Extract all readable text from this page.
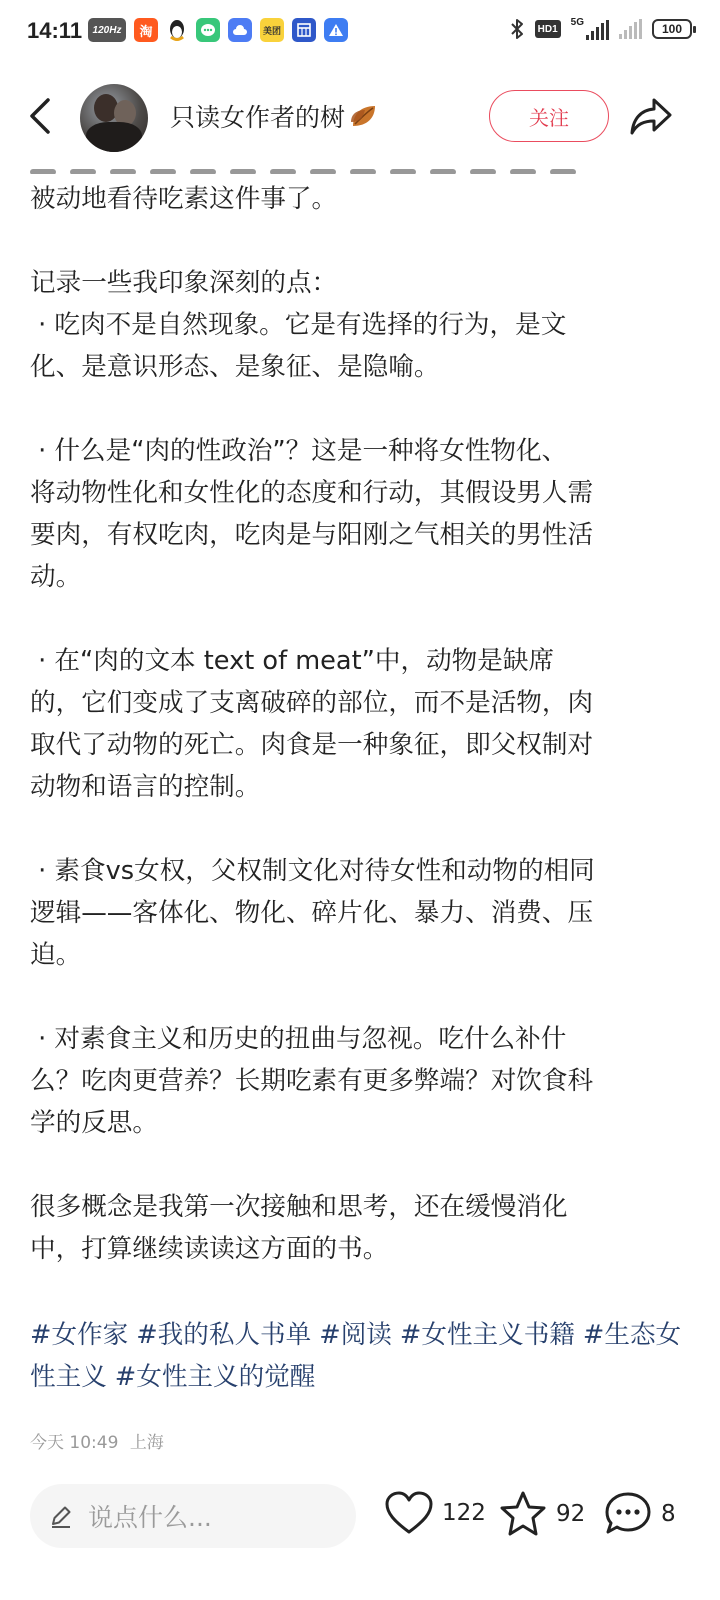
14:11	120Hz	淘	美团	HD1
5G	100
只读女作者的树	关注

被动地看待吃素这件事了。

记录一些我印象深刻的点：
· 吃肉不是自然现象。它是有选择的行为，是文
化、是意识形态、是象征、是隐喻。

· 什么是“肉的性政治”？这是一种将女性物化、
将动物性化和女性化的态度和行动，其假设男人需
要肉，有权吃肉，吃肉是与阳刚之气相关的男性活
动。

· 在“肉的文本 text of meat”中，动物是缺席
的，它们变成了支离破碎的部位，而不是活物，肉
取代了动物的死亡。肉食是一种象征，即父权制对
动物和语言的控制。

· 素食vs女权，父权制文化对待女性和动物的相同
逻辑——客体化、物化、碎片化、暴力、消费、压
迫。

· 对素食主义和历史的扭曲与忽视。吃什么补什
么？吃肉更营养？长期吃素有更多弊端？对饮食科
学的反思。

很多概念是我第一次接触和思考，还在缓慢消化
中，打算继续读读这方面的书。

#女作家 #我的私人书单 #阅读 #女性主义书籍 #生态女性主义 #女性主义的觉醒
今天 10:49 上海
说点什么...	122	92	8
